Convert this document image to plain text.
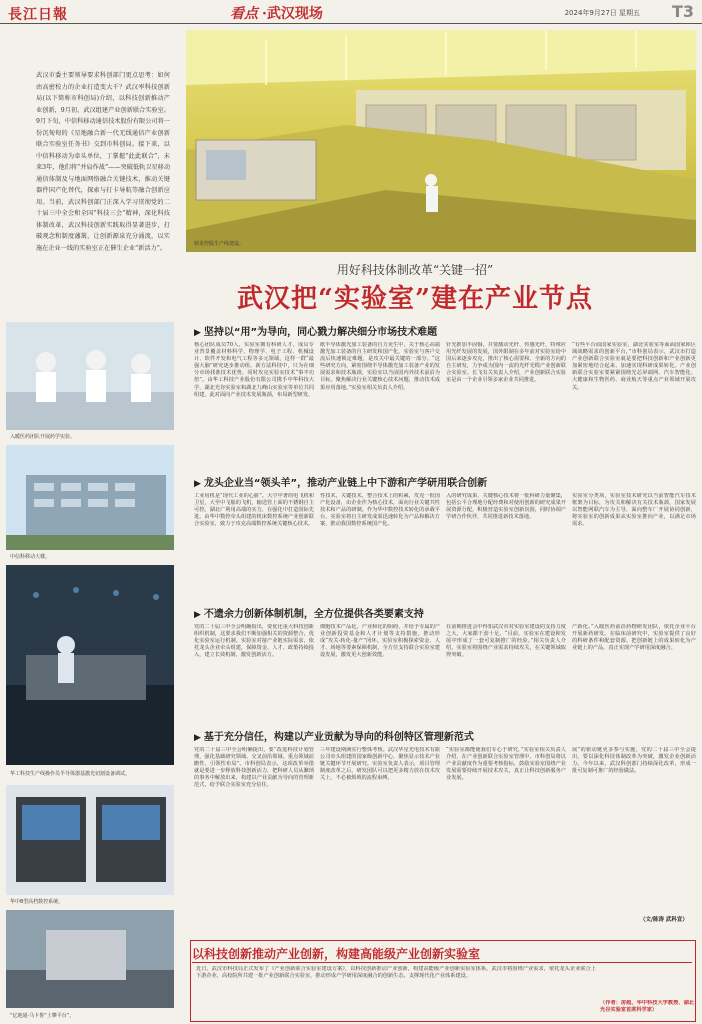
長江日報	看点 ·武汉现场	2024年9月27日 星期五 T3
武汉市委主要领导要求科创部门更点思考：如何由高密校力的企业打造变大千？武汉率科技创新局(以下简称市科创局)介绍，以科技创新推动产业创新，9月初，武汉组建产业创新联合实验室。9月下旬，中信科移动通信技术股份有限公司将一份沉甸甸的《星地融合新一代无线通信产业创新联合实验室任务书》交到市科创局。接下来，以中信科移动为牵头单位，丁掌握“此此联合”，未来3年，他们将“并肩作战”——突破低轨卫星移动通信体制及与地面网络融合关键技术，推动关键器件国产化替代，探索与打卡导航等融合创新应用。当前，武汉科创部门正深入学习贯彻党的二十届三中全会和全国“科技三会”精神，深化科技体制改革，武汉科技创新实践取得显著进步，打破观念和制度藩篱，让创新源泉充分涌流，以实施在企业一线的实验室正在催生企业“新活力”。
鼎龙控股生产线建设。
用好科技体制改革“关键一招”
武汉把“实验室”建在产业节点
入暖医药团队开展药学实验。
中信科移动大楼。
华工科技生产线操作员半导体器基激光切割设备调试。
华中8型高档数控系统。
“亿地通·马卡鲁”上攀平台”。
▶ 坚持以“用”为导向，同心戮力解决细分市场技术难题
核心团队成员70人，实验室拥有科研人才，成员专业背景覆盖材料科学、物理学、电子工程、机械设计、软件开发和电气工程等多元领域，这样一群“最强大脑”研究逐步推动组。新方法科技中，只为在细分市场找准技术优势，同时攻克实验室技术“事半功倍”。由华工科技产业股份有限公司携手中华科技大学，湖北光谷实验室和湖北九峰山实验室等单位共同组建，此对面向产业技术发展瓶颈，布局新型研发。
纸半导体激光加工装备的自力更生中，关于核心高端激光加工装备的自主研发和国产化，实验室与客户交流后快速锁定难题，是攻关中最关键的一部分。“这些研究方向，紧密围绕半导体激光加工装备产业的发展需求和技术瓶颈，实验室以当前国内外技术前沿为目标，聚焦解决行业关键核心技术问题，推动技术成果应用落地。”实验室相关负责人介绍。
针光推加半固铜，并要激动光纤、传感光纤，特殊应用光纤发展的发展，国外限制在多年前对实验室给中国后来逐步攻克，推出了核心需要和。全新的方向的自主研发，力争成为国内一流的光纤光缆产业创新联合实验室。长飞有关负责人介绍，产业创新联合实验室是由一个企业引领多家企业共同推进。
“有些平台面国家实验室，湖北实验室等面面国家和区域战略需求的创新平台，”市科创局表示，武汉市打造产业创新联合实验室就是要把科技创新和产业创新更加紧密地结合起来，加速实现科研成果转化。产业创新联合实验室要紧紧围绕光芯屏端网、汽车智能化、大健康和生物医药、商业航天等重点产业领域开展攻关。
▶ 龙头企业当“领头羊”，推动产业链上中下游和产学研用联合创新
工业用机是“现代工业的心脏”。大空中著的电飞机和卫星，大至中飞船的飞机，输送管上面的不锈钢自主可控。湖北广利用高端的实力，在强化中打造国际先进。由华中数控牵头组建的机床数控系统产业创新联合实验室，致力于攻克高端数控系统关键核心技术。
性技术，关键技术，整合技术上的积累，攻克一批国产化设备，由企业作为核心技术，面向行业关键共性技术和产品的研制。作为华中数控技术转化的承载平台，实验室将自主研发成果迅速转化为产品和解决方案，推动我国数控系统国产化。
入的研究成果，关键核心技术将一批科研力量聚集，包括公平合理地分配经费和对使用创新的研究成果开展资源分配，积极营造实验室创新氛围，同时协调产学研合作伙伴，共同推进新技术落地。
实验室分类项，实验室技术研究以当前智能汽车技术框架为目标，为攻关和解决有关技术瓶颈，国家发展以智能网联汽车为主导，面向整车厂开展协同创新，将实验室的创新成果从实验室推向产业，以满足市场需求。
▶ 不遗余力创新体制机制，全方位提供各类要素支持
党的二十届三中全会明确指出，要优化重大科技创新组织机制，这要求我们不断加强相关的资源整合，优化实验室运行机制。实验室对接产业链实际需求，依托龙头企业牵头组建，保障资金、人才、政策持续投入，建立长效机制，激发创新活力。
细胞技术产品化，产业和化的阻碍，并给予专属的产业创新投资基金和人才计划等支持措施，推动形成“攻关-转化-量产”闭环。实验室积极探索资金、人才、场地等要素保障机制，全方位支持联合实验室建设发展，激发更大创新效能。
在前期推进会中得知武汉市对实验室建设的支持力度之大，大家都干劲十足。“目前，实验室在建设和发展中形成了一套可复制推广的经验。”相关负责人介绍，实验室将围绕产业需求持续攻关，在关键领域取得突破。
产新化。”入暖医药前沿药物研发团队，依托企业平台开展新药研发。在临床前研究中，实验室提供了良好的科研条件和配套资源。把创新链上的成果转化为产业链上的产品，真正实现产学研用深度融合。
▶ 基于充分信任，构建以产业贡献为导向的科创特区管理新范式
党的二十届三中全会明确提出，要“改进科技计划管理，强化基础研究领域、交叉前沿领域、重点领域前瞻性、引领性布局”。市科创局表示，这项改革举措就是要进一步释放科技创新活力，把科研人员从繁琐的事务中解放出来，构建以产业贡献为导向的管理新范式，给予联合实验室充分信任。
三年建设期满实行整体考核。武汉华星光电技术有限公司牵头组建的国家级创新中心，聚焦显示技术产业链关键环节开展研究。实验室负责人表示，项目管理制度改革之后，研发团队可以把更多精力放在技术攻关上，不必被烦琐的流程束缚。
“实验室都能使我们专心于研究，”实验室相关负责人介绍，在产业创新联合实验室管理中，市科创局将以产业贡献度作为重要考核指标，鼓励实验室围绕产业发展需要持续开展技术攻关，真正让科技创新服务产业发展。
展”的驱动链更多参与实施。党的二十届三中全会提出，要以深化科技体制改革为突破，激发企业创新活力。今年以来，武汉科创部门持续深化改革，形成一批可复制可推广的经验做法。
（文/陈涛 武科宣）
以科技创新推动产业创新，构建高能级产业创新实验室
近日，武汉市科技局正式发布了《产业创新联合实验室建设方案》，以科技创新推动产业创新，构建高能级产业创新实验室体系。武汉市将围绕产业需求，依托龙头企业联合上下游企业、高校院所共建一批产业创新联合实验室，推动形成产学研用深度融合的创新生态，支撑现代化产业体系建设。
（作者：房超，华中科技大学教授、湖北光谷实验室首席科学家）
